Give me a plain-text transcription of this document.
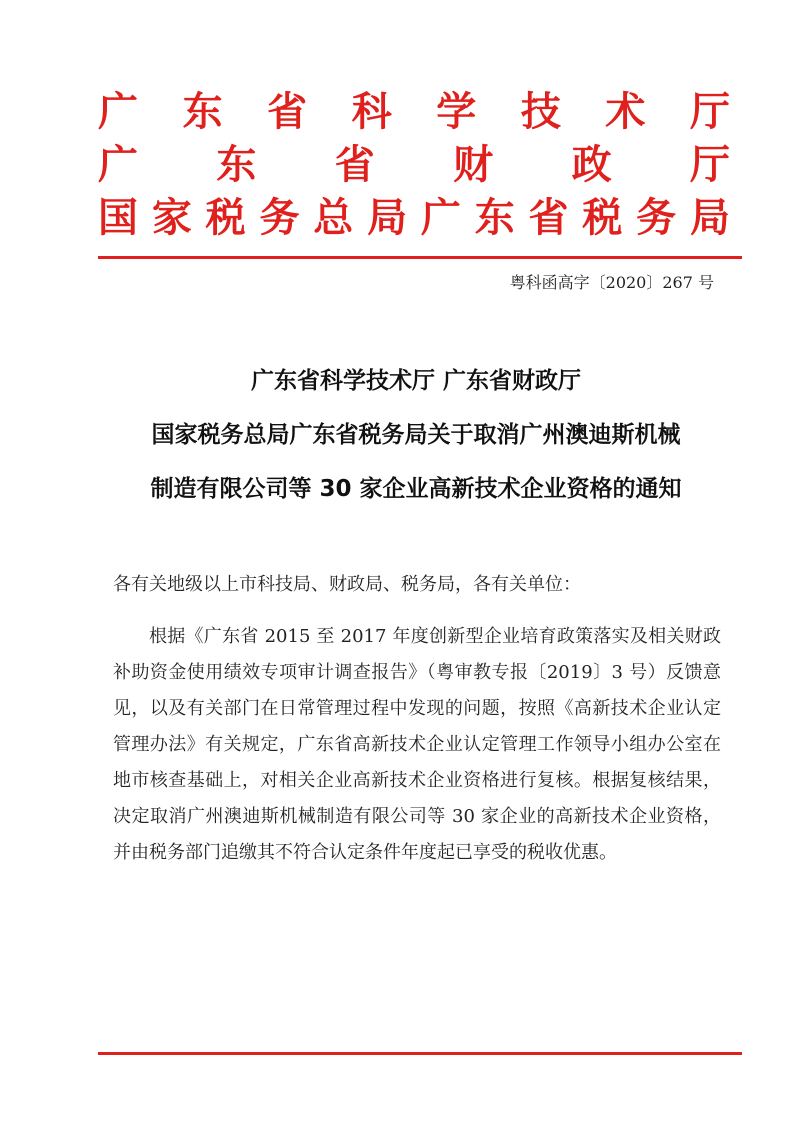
广 东 省 科 学 技 术 厅
广 东 省 财 政 厅
国 家 税 务 总 局 广 东 省 税 务 局
粤科函高字〔2020〕267 号
广东省科学技术厅 广东省财政厅
国家税务总局广东省税务局关于取消广州澳迪斯机械
制造有限公司等 30 家企业高新技术企业资格的通知
各有关地级以上市科技局、财政局、税务局，各有关单位：

根据《广东省 2015 至 2017 年度创新型企业培育政策落实及相关财政补助资金使用绩效专项审计调查报告》（粤审教专报〔2019〕3 号）反馈意见，以及有关部门在日常管理过程中发现的问题，按照《高新技术企业认定管理办法》有关规定，广东省高新技术企业认定管理工作领导小组办公室在地市核查基础上，对相关企业高新技术企业资格进行复核。根据复核结果，决定取消广州澳迪斯机械制造有限公司等 30 家企业的高新技术企业资格，并由税务部门追缴其不符合认定条件年度起已享受的税收优惠。
